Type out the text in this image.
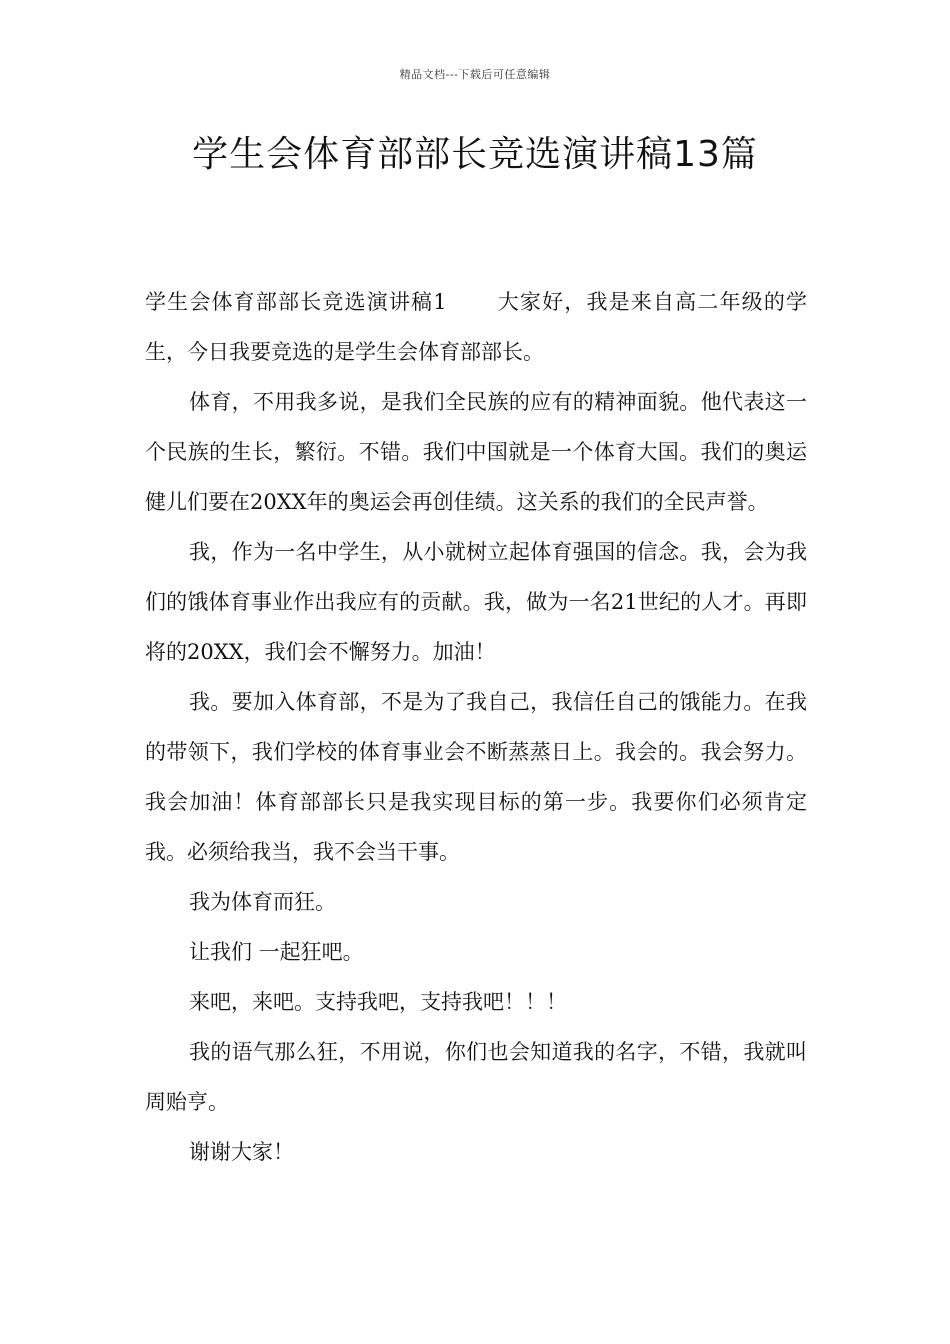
精品文档---下载后可任意编辑
学生会体育部部长竞选演讲稿13篇

学生会体育部部长竞选演讲稿1 大家好，我是来自高二年级的学生，今日我要竞选的是学生会体育部部长。

体育，不用我多说，是我们全民族的应有的精神面貌。他代表这一个民族的生长，繁衍。不错。我们中国就是一个体育大国。我们的奥运健儿们要在20XX年的奥运会再创佳绩。这关系的我们的全民声誉。

我，作为一名中学生，从小就树立起体育强国的信念。我，会为我们的饿体育事业作出我应有的贡献。我，做为一名21世纪的人才。再即将的20XX，我们会不懈努力。加油！

我。要加入体育部，不是为了我自己，我信任自己的饿能力。在我的带领下，我们学校的体育事业会不断蒸蒸日上。我会的。我会努力。我会加油！体育部部长只是我实现目标的第一步。我要你们必须肯定我。必须给我当，我不会当干事。

我为体育而狂。

让我们 一起狂吧。

来吧，来吧。支持我吧，支持我吧！！！

我的语气那么狂，不用说，你们也会知道我的名字，不错，我就叫周贻亨。

谢谢大家！
